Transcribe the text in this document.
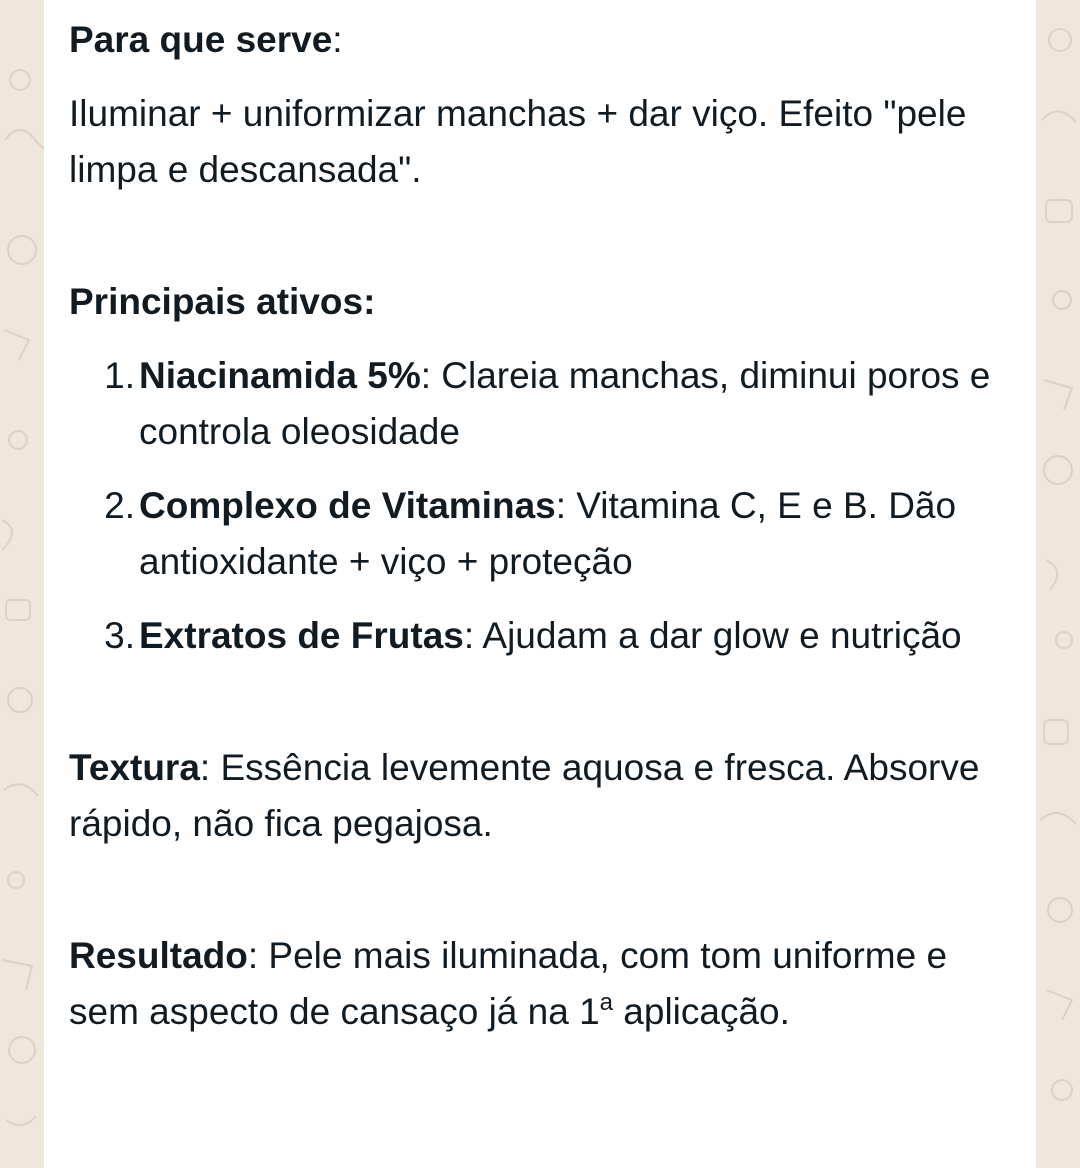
Para que serve:

Iluminar + uniformizar manchas + dar viço. Efeito "pele limpa e descansada".

Principais ativos:

1. Niacinamida 5%: Clareia manchas, diminui poros e controla oleosidade
2. Complexo de Vitaminas: Vitamina C, E e B. Dão antioxidante + viço + proteção
3. Extratos de Frutas: Ajudam a dar glow e nutrição

Textura: Essência levemente aquosa e fresca. Absorve rápido, não fica pegajosa.

Resultado: Pele mais iluminada, com tom uniforme e sem aspecto de cansaço já na 1$^a$ aplicação.
